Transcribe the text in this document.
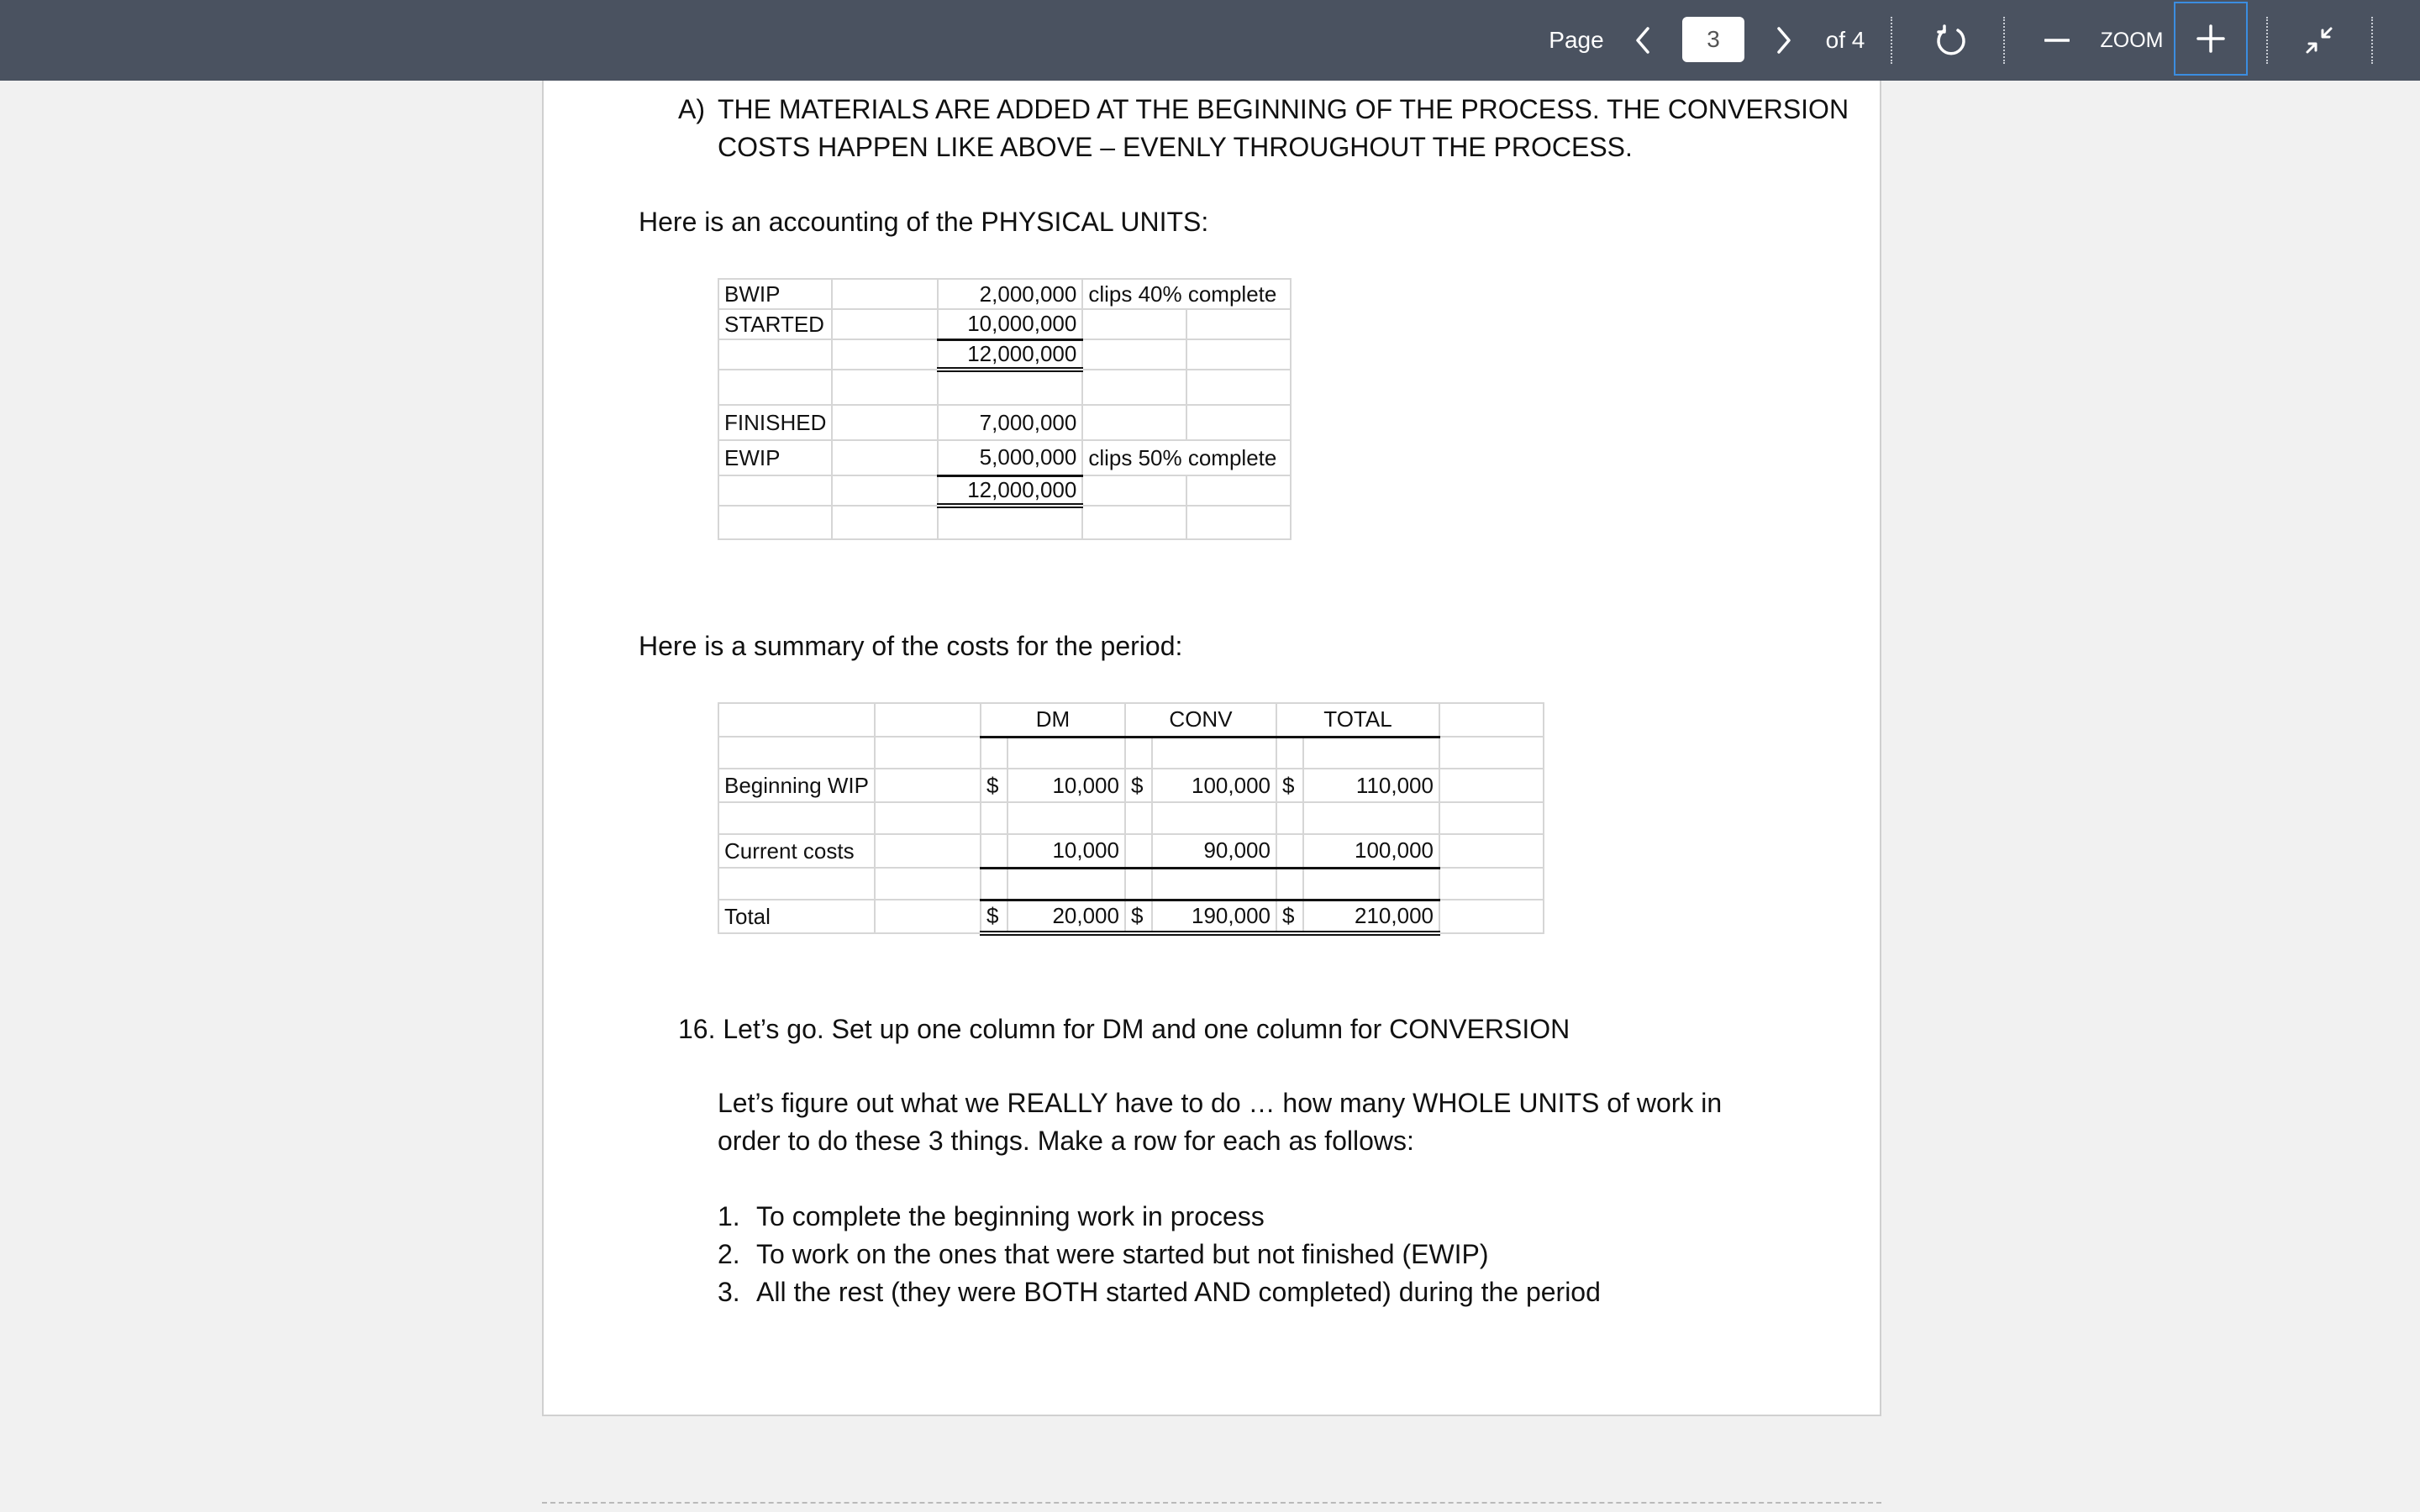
Page	3	of 4	ZOOM
A) THE MATERIALS ARE ADDED AT THE BEGINNING OF THE PROCESS. THE CONVERSION
COSTS HAPPEN LIKE ABOVE – EVENLY THROUGHOUT THE PROCESS.
Here is an accounting of the PHYSICAL UNITS:
BWIP		2,000,000	clips 40% complete	
STARTED		10,000,000		
		12,000,000		

FINISHED		7,000,000		
EWIP		5,000,000	clips 50% complete	
		12,000,000		

Here is a summary of the costs for the period:
		DM		CONV		TOTAL		

Beginning WIP		$	10,000	$	100,000	$	110,000	

Current costs			10,000		90,000		100,000	

Total		$	20,000	$	190,000	$	210,000	
16. Let’s go. Set up one column for DM and one column for CONVERSION
Let’s figure out what we REALLY have to do … how many WHOLE UNITS of work in
order to do these 3 things. Make a row for each as follows:
1. To complete the beginning work in process
2. To work on the ones that were started but not finished (EWIP)
3. All the rest (they were BOTH started AND completed) during the period
